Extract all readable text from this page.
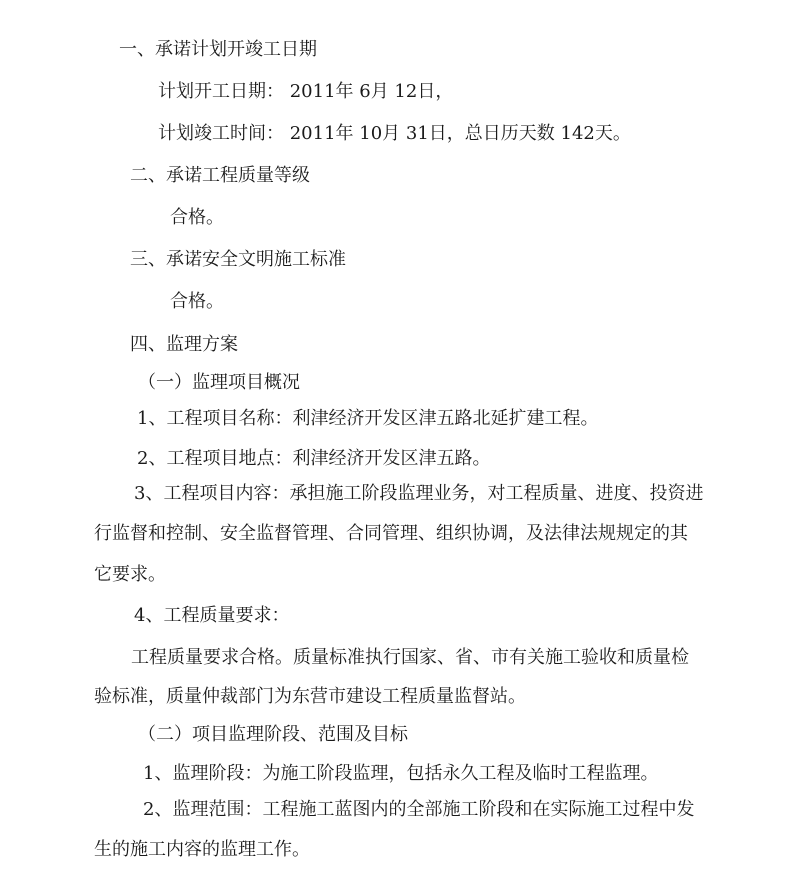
一、承诺计划开竣工日期

计划开工日期： 2011年 6月 12日，

计划竣工时间： 2011年 10月 31日，总日历天数 142天。

二、承诺工程质量等级

合格。

三、承诺安全文明施工标准

合格。

四、监理方案

（一）监理项目概况

1、工程项目名称：利津经济开发区津五路北延扩建工程。

2、工程项目地点：利津经济开发区津五路。

3、工程项目内容：承担施工阶段监理业务，对工程质量、进度、投资进

行监督和控制、安全监督管理、合同管理、组织协调，及法律法规规定的其

它要求。

4、工程质量要求：

工程质量要求合格。质量标准执行国家、省、市有关施工验收和质量检

验标准，质量仲裁部门为东营市建设工程质量监督站。

（二）项目监理阶段、范围及目标

1、监理阶段：为施工阶段监理，包括永久工程及临时工程监理。

2、监理范围：工程施工蓝图内的全部施工阶段和在实际施工过程中发

生的施工内容的监理工作。
